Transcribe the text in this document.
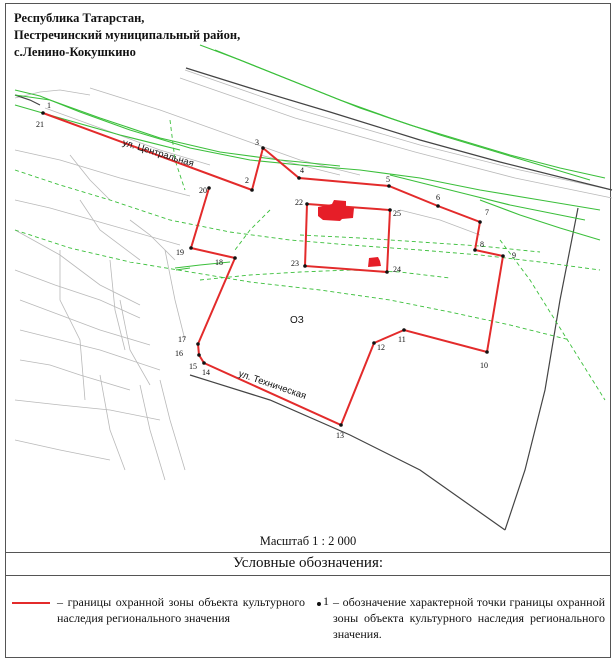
1
21
2
3
4
5
6
7
8
9
10
11
12
13
14
15
16
17
18
19
20
22
23
24
25
ул. Центральная
ул. Техническая
ОЗ
Республика Татарстан,
Пестречинский муниципальный район,
с.Ленино-Кокушкино
Масштаб 1 : 2 000
Условные обозначения:
– границы охранной зоны объекта культурного наследия регионального значения
1 – обозначение характерной точки границы охранной зоны объекта культурного наследия регионального значения.
